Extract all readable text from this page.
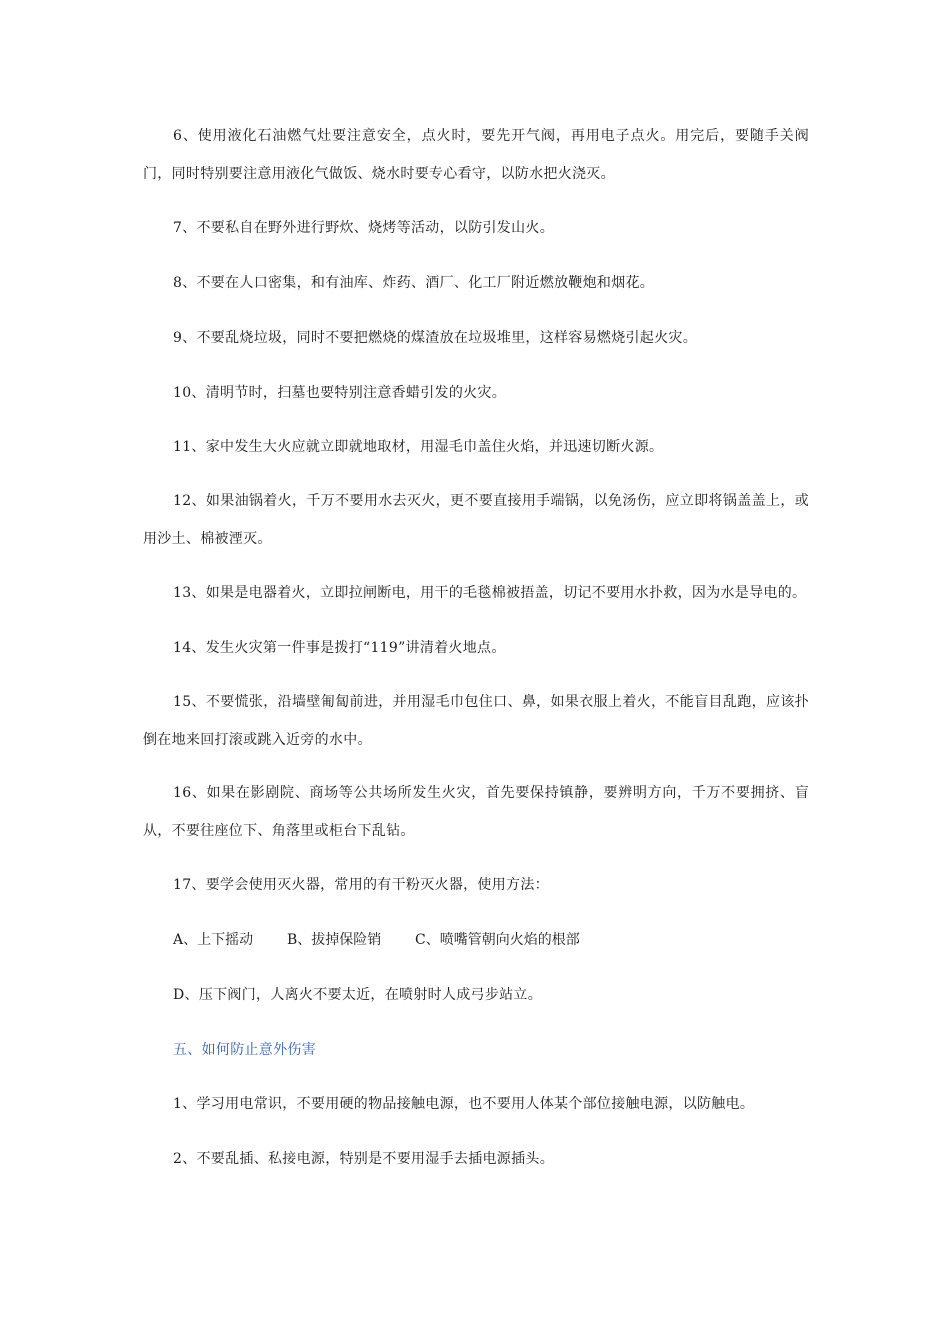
6、使用液化石油燃气灶要注意安全，点火时，要先开气阀，再用电子点火。用完后，要随手关阀门，同时特别要注意用液化气做饭、烧水时要专心看守，以防水把火浇灭。

7、不要私自在野外进行野炊、烧烤等活动，以防引发山火。

8、不要在人口密集，和有油库、炸药、酒厂、化工厂附近燃放鞭炮和烟花。

9、不要乱烧垃圾，同时不要把燃烧的煤渣放在垃圾堆里，这样容易燃烧引起火灾。

10、清明节时，扫墓也要特别注意香蜡引发的火灾。

11、家中发生大火应就立即就地取材，用湿毛巾盖住火焰，并迅速切断火源。

12、如果油锅着火，千万不要用水去灭火，更不要直接用手端锅，以免汤伤，应立即将锅盖盖上，或用沙土、棉被湮灭。

13、如果是电器着火，立即拉闸断电，用干的毛毯棉被捂盖，切记不要用水扑救，因为水是导电的。

14、发生火灾第一件事是拨打“119”讲清着火地点。

15、不要慌张，沿墙壁匍匐前进，并用湿毛巾包住口、鼻，如果衣服上着火，不能盲目乱跑，应该扑倒在地来回打滚或跳入近旁的水中。

16、如果在影剧院、商场等公共场所发生火灾，首先要保持镇静，要辨明方向，千万不要拥挤、盲从，不要往座位下、角落里或柜台下乱钻。

17、要学会使用灭火器，常用的有干粉灭火器，使用方法：

A、上下摇动 B、拔掉保险销 C、喷嘴管朝向火焰的根部

D、压下阀门，人离火不要太近，在喷射时人成弓步站立。

五、如何防止意外伤害

1、学习用电常识，不要用硬的物品接触电源，也不要用人体某个部位接触电源，以防触电。

2、不要乱插、私接电源，特别是不要用湿手去插电源插头。
